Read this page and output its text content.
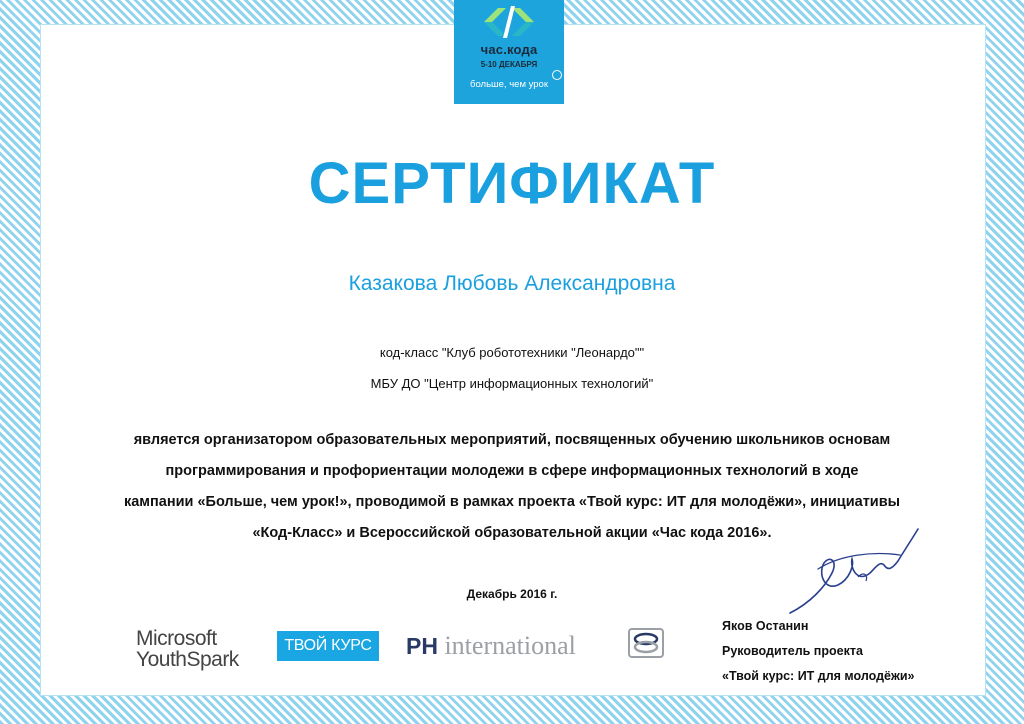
час.кода
5-10 ДЕКАБРЯ
больше, чем урок
СЕРТИФИКАТ
Казакова Любовь Александровна
код-класс "Клуб робототехники "Леонардо""
МБУ ДО "Центр информационных технологий"
является организатором образовательных мероприятий, посвященных обучению школьников основам
программирования и профориентации молодежи в сфере информационных технологий в ходе
кампании «Больше, чем урок!», проводимой в рамках проекта «Твой курс: ИТ для молодёжи», инициативы
«Код-Класс» и Всероссийской образовательной акции «Час кода 2016».
Декабрь 2016 г.
Microsoft
YouthSpark
ТВОЙ КУРС	PH international
Яков Останин
Руководитель проекта
«Твой курс: ИТ для молодёжи»
